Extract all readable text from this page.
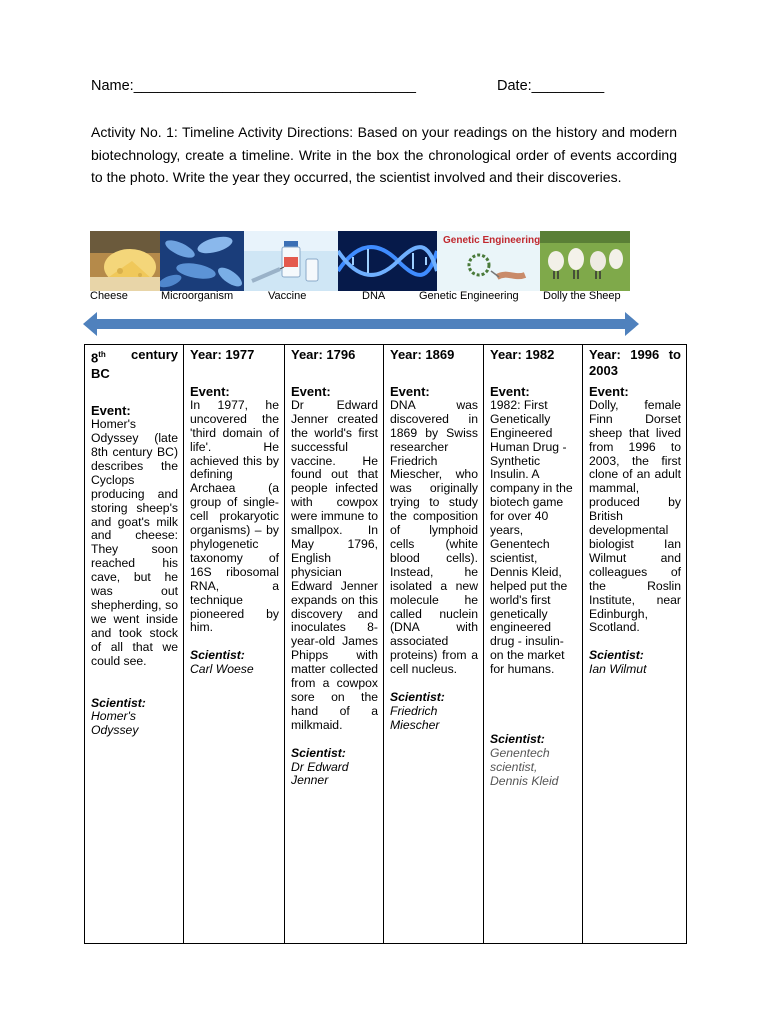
Name:___________________________________	Date:_________
Activity No. 1: Timeline Activity Directions: Based on your readings on the history and modern biotechnology, create a timeline. Write in the box the chronological order of events according to the photo. Write the year they occurred, the scientist involved and their discoveries.
Genetic Engineering
Cheese	Microorganism	Vaccine	DNA	Genetic Engineering Dolly the Sheep
8th century
BC
Event:
Homer's Odyssey (late 8th century BC) describes the Cyclops producing and storing sheep's and goat's milk and cheese: They soon reached his cave, but he was out shepherding, so we went inside and took stock of all that we could see.
Scientist:
Homer's Odyssey

Year: 1977
Event:
In 1977, he uncovered the 'third domain of life'. He achieved this by defining Archaea (a group of single-cell prokaryotic organisms) – by phylogenetic taxonomy of 16S ribosomal RNA, a technique pioneered by him.
Scientist:
Carl Woese

Year: 1796
Event:
Dr Edward Jenner created the world's first successful vaccine. He found out that people infected with cowpox were immune to smallpox. In May 1796, English physician Edward Jenner expands on this discovery and inoculates 8-year-old James Phipps with matter collected from a cowpox sore on the hand of a milkmaid.
Scientist:
Dr Edward Jenner

Year: 1869
Event:
DNA was discovered in 1869 by Swiss researcher Friedrich Miescher, who was originally trying to study the composition of lymphoid cells (white blood cells). Instead, he isolated a new molecule he called nuclein (DNA with associated proteins) from a cell nucleus.
Scientist:
Friedrich Miescher

Year: 1982
Event:
1982: First Genetically Engineered Human Drug - Synthetic Insulin. A company in the biotech game for over 40 years, Genentech scientist, Dennis Kleid, helped put the world's first genetically engineered drug - insulin- on the market for humans.
Scientist:
Genentech scientist, Dennis Kleid

Year: 1996 to 2003
Event:
Dolly, female Finn Dorset sheep that lived from 1996 to 2003, the first clone of an adult mammal, produced by British developmental biologist Ian Wilmut and colleagues of the Roslin Institute, near Edinburgh, Scotland.
Scientist:
Ian Wilmut
